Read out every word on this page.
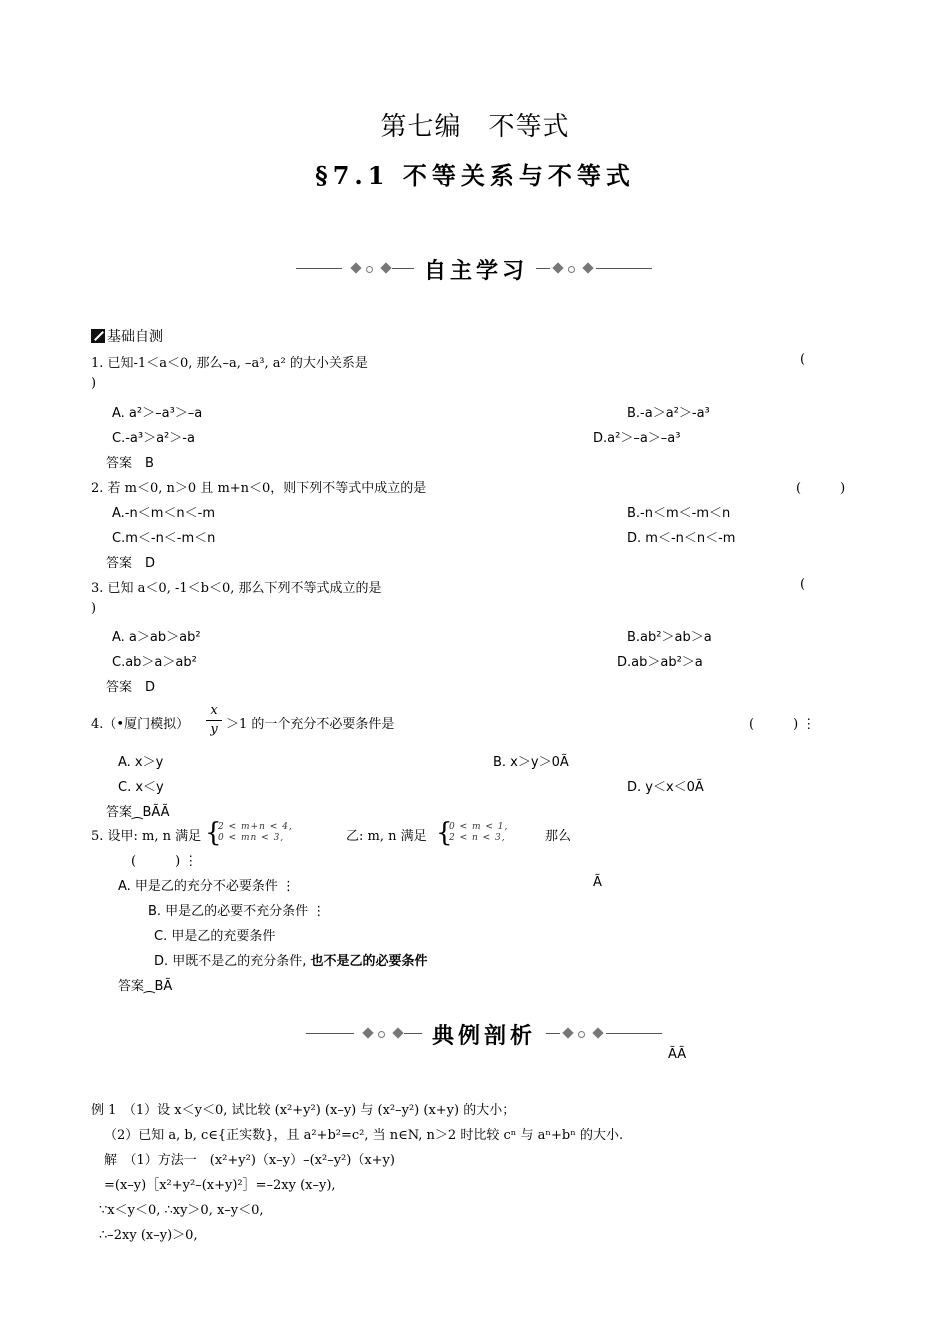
第七编　不等式
§7.1 不等关系与不等式
自主学习
基础自测
1. 已知-1＜a＜0, 那么–a, –a³, a² 的大小关系是	(
)
A. a²＞–a³＞–a	B.-a＞a²＞-a³
C.-a³＞a²＞-a	D.a²＞–a＞–a³
答案　B
2. 若 m＜0, n＞0 且 m+n＜0，则下列不等式中成立的是	(　　　)
A.-n＜m＜n＜-m	B.-n＜m＜-m＜n
C.m＜-n＜-m＜n	D. m＜-n＜n＜-m
答案　D
3. 已知 a＜0, -1＜b＜0, 那么下列不等式成立的是	(
)
A. a＞ab＞ab²	B.ab²＞ab＞a
C.ab＞a＞ab²	D.ab＞ab²＞a
答案　D
4.（•厦门模拟）
x
y ＞1 的一个充分不必要条件是	(　　　) ⋮
A. x＞y	B. x＞y＞0Ã
C. x＜y	D. y＜x＜0Ã
答案⁔BÃÃ
5. 设甲: m, n 满足 {
2 < m+n < 4,
0 < mn < 3,	乙: m, n 满足 {
0 < m < 1,
2 < n < 3,	那么
(　　　) ⋮
A. 甲是乙的充分不必要条件 ⋮	Ã
B. 甲是乙的必要不充分条件 ⋮
C. 甲是乙的充要条件
D. 甲既不是乙的充分条件, 也不是乙的必要条件
答案⁔BÃ
典例剖析
ÃÃ
例 1　（1）设 x＜y＜0, 试比较 (x²+y²) (x–y) 与 (x²–y²) (x+y) 的大小；
（2）已知 a, b, c∈{正实数}，且 a²+b²=c², 当 n∈N, n＞2 时比较 cⁿ 与 aⁿ+bⁿ 的大小.
解　（1）方法一　(x²+y²)（x–y）–(x²–y²)（x+y)
=(x–y)［x²+y²–(x+y)²］=–2xy (x–y),
∵x＜y＜0, ∴xy＞0, x–y＜0,
∴–2xy (x–y)＞0,
